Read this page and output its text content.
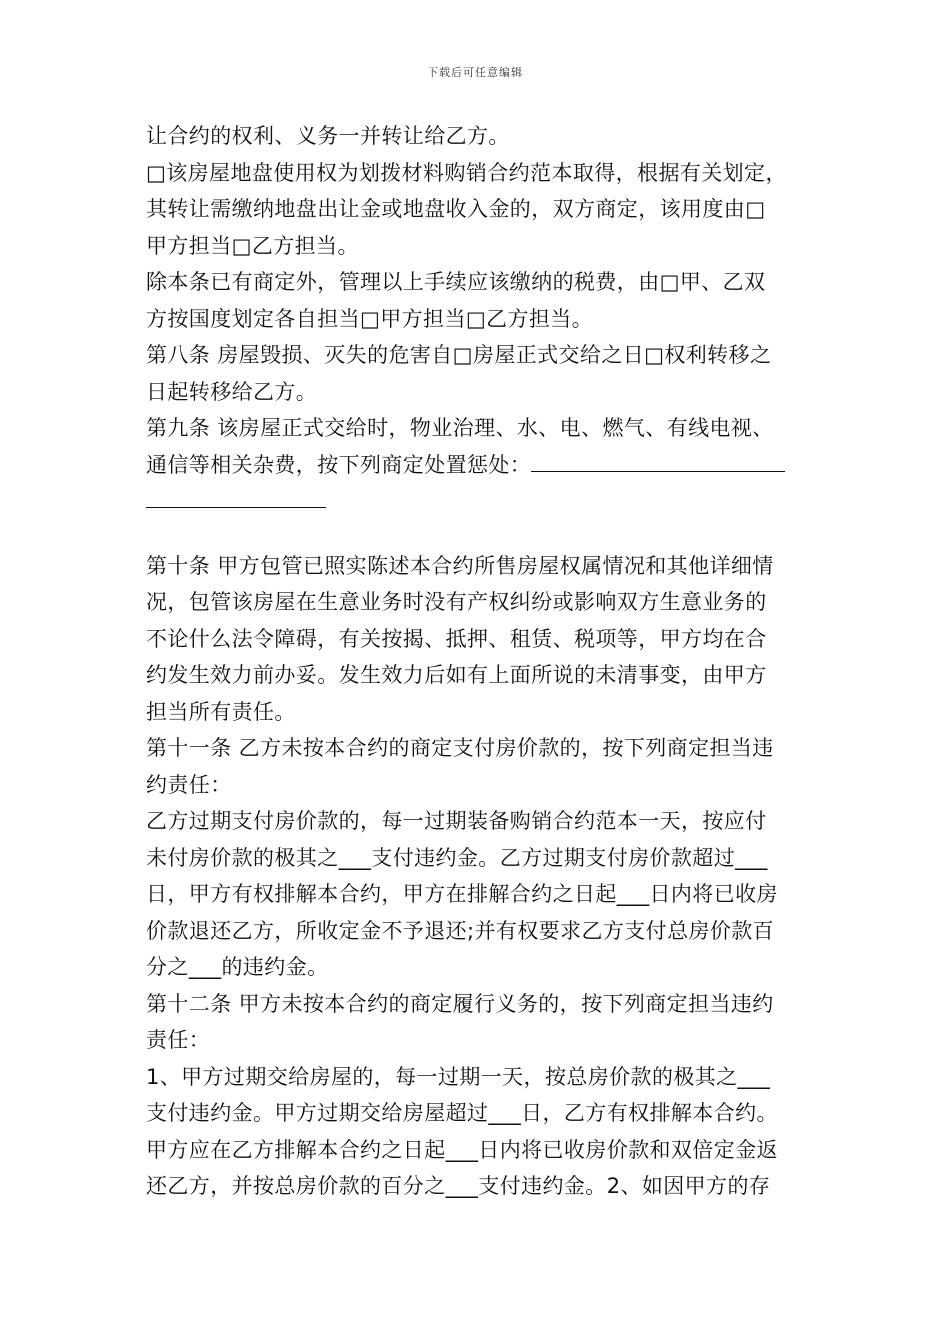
下载后可任意编辑

让合约的权利、义务一并转让给乙方。

□该房屋地盘使用权为划拨材料购销合约范本取得，根据有关划定，

其转让需缴纳地盘出让金或地盘收入金的，双方商定，该用度由□

甲方担当□乙方担当。

除本条已有商定外，管理以上手续应该缴纳的税费，由□甲、乙双

方按国度划定各自担当□甲方担当□乙方担当。

第八条 房屋毁损、灭失的危害自□房屋正式交给之日□权利转移之

日起转移给乙方。

第九条 该房屋正式交给时，物业治理、水、电、燃气、有线电视、

通信等相关杂费，按下列商定处置惩处：

第十条 甲方包管已照实陈述本合约所售房屋权属情况和其他详细情

况，包管该房屋在生意业务时没有产权纠纷或影响双方生意业务的

不论什么法令障碍，有关按揭、抵押、租赁、税项等，甲方均在合

约发生效力前办妥。发生效力后如有上面所说的未清事变，由甲方

担当所有责任。

第十一条 乙方未按本合约的商定支付房价款的，按下列商定担当违

约责任：

乙方过期支付房价款的，每一过期装备购销合约范本一天，按应付

未付房价款的极其之___支付违约金。乙方过期支付房价款超过___

日，甲方有权排解本合约，甲方在排解合约之日起___日内将已收房

价款退还乙方，所收定金不予退还;并有权要求乙方支付总房价款百

分之___的违约金。

第十二条 甲方未按本合约的商定履行义务的，按下列商定担当违约

责任：

1、甲方过期交给房屋的，每一过期一天，按总房价款的极其之___

支付违约金。甲方过期交给房屋超过___日，乙方有权排解本合约。

甲方应在乙方排解本合约之日起___日内将已收房价款和双倍定金返

还乙方，并按总房价款的百分之___支付违约金。2、如因甲方的存
